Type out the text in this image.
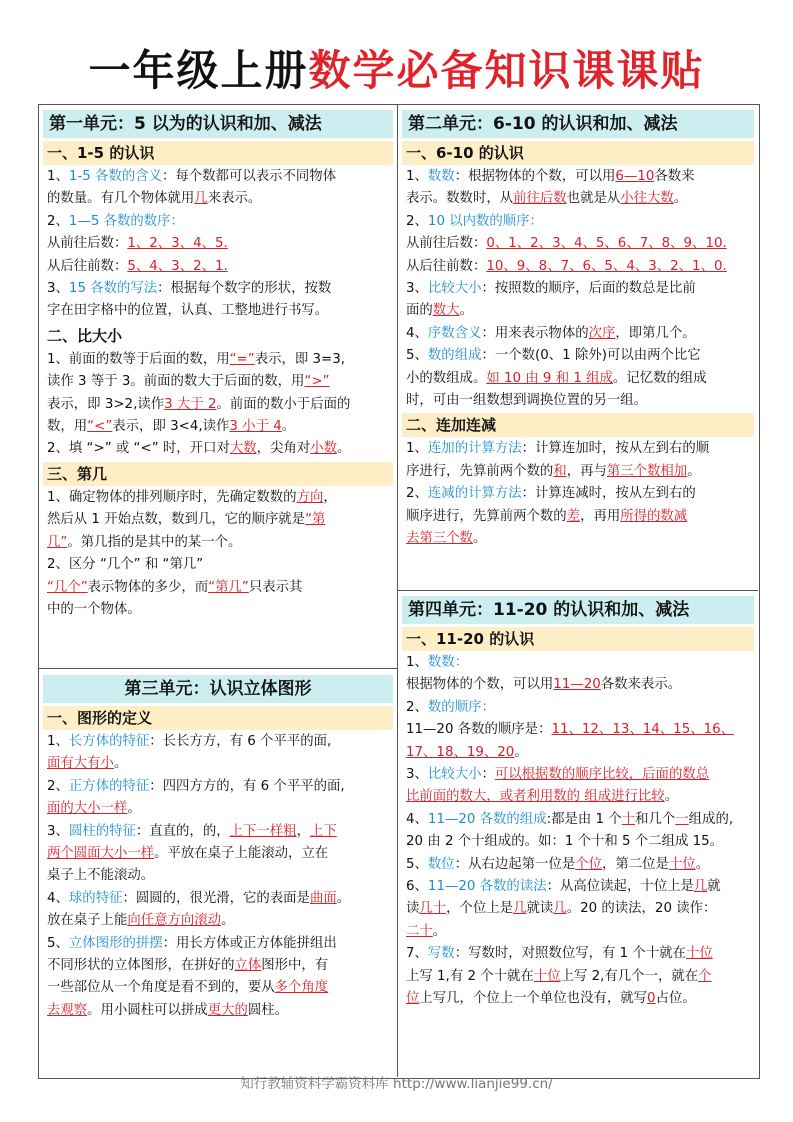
一年级上册数学必备知识课课贴
第一单元：5 以为的认识和加、减法
一、1-5 的认识

1、1-5 各数的含义：每个数都可以表示不同物体
的数量。有几个物体就用几来表示。

2、1—5 各数的数序：
从前往后数：1、2、3、4、5.
从后往前数：5、4、3、2、1.

3、15 各数的写法：根据每个数字的形状，按数
字在田字格中的位置，认真、工整地进行书写。

二、比大小

1、前面的数等于后面的数，用“=”表示，即 3=3,
读作 3 等于 3。前面的数大于后面的数，用“>”
表示，即 3>2,读作3 大于 2。前面的数小于后面的
数，用“<”表示，即 3<4,读作3 小于 4。

2、填 “>” 或 “<” 时，开口对大数，尖角对小数。

三、第几

1、确定物体的排列顺序时，先确定数数的方向，
然后从 1 开始点数，数到几，它的顺序就是“第
几”。第几指的是其中的某一个。

2、区分 “几个” 和 “第几”
“几个”表示物体的多少，而“第几”只表示其
中的一个物体。

第二单元：6-10 的认识和加、减法
一、6-10 的认识

1、数数：根据物体的个数，可以用6—10各数来
表示。数数时，从前往后数也就是从小往大数。

2、10 以内数的顺序：
从前往后数：0、1、2、3、4、5、6、7、8、9、10.
从后往前数：10、9、8、7、6、5、4、3、2、1、0.

3、比较大小：按照数的顺序，后面的数总是比前
面的数大。

4、序数含义：用来表示物体的次序，即第几个。

5、数的组成：一个数(0、1 除外)可以由两个比它
小的数组成。如 10 由 9 和 1 组成。记忆数的组成
时，可由一组数想到调换位置的另一组。

二、连加连减

1、连加的计算方法：计算连加时，按从左到右的顺
序进行，先算前两个数的和，再与第三个数相加。

2、连减的计算方法：计算连减时，按从左到右的
顺序进行，先算前两个数的差，再用所得的数减
去第三个数。

第三单元：认识立体图形
一、图形的定义

1、长方体的特征：长长方方，有 6 个平平的面,
面有大有小。

2、正方体的特征：四四方方的，有 6 个平平的面,
面的大小一样。

3、圆柱的特征：直直的，的，上下一样粗，上下
两个圆面大小一样。平放在桌子上能滚动，立在
桌子上不能滚动。

4、球的特征：圆圆的，很光滑，它的表面是曲面。
放在桌子上能向任意方向滚动。

5、立体图形的拼摆：用长方体或正方体能拼组出
不同形状的立体图形，在拼好的立体图形中，有
一些部位从一个角度是看不到的，要从多个角度
去观察。用小圆柱可以拼成更大的圆柱。

第四单元：11-20 的认识和加、减法
一、11-20 的认识

1、数数：
根据物体的个数，可以用11—20各数来表示。

2、数的顺序：
11—20 各数的顺序是：11、12、13、14、15、16、
17、18、19、20。

3、比较大小：可以根据数的顺序比较，后面的数总
比前面的数大，或者利用数的 组成进行比较。

4、11—20 各数的组成:都是由 1 个十和几个一组成的,
20 由 2 个十组成的。如：1 个十和 5 个二组成 15。

5、数位：从右边起第一位是个位，第二位是十位。

6、11—20 各数的读法：从高位读起，十位上是几就
读几十，个位上是几就读几。20 的读法，20 读作：
二十。

7、写数：写数时，对照数位写，有 1 个十就在十位
上写 1,有 2 个十就在十位上写 2,有几个一，就在个
位上写几，个位上一个单位也没有，就写0占位。

知行教辅资料学霸资料库 http://www.lianjie99.cn/
